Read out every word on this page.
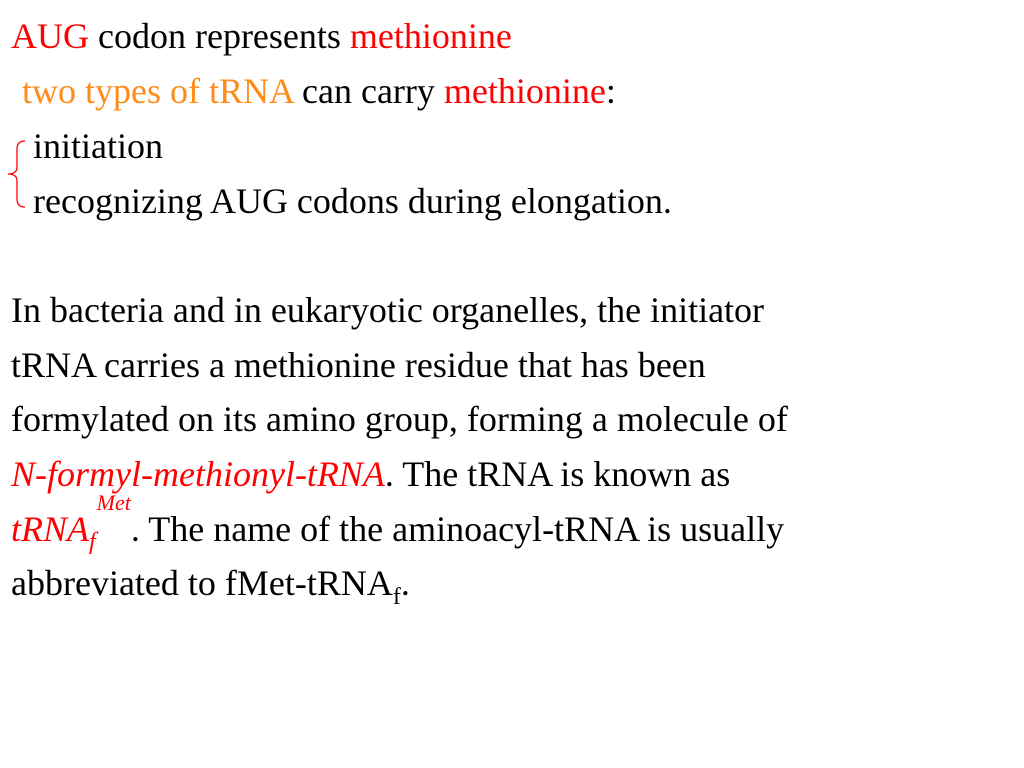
AUG codon represents methionine
two types of tRNA can carry methionine:
initiation
recognizing AUG codons during elongation.
In bacteria and in eukaryotic organelles, the initiator
tRNA carries a methionine residue that has been
formylated on its amino group, forming a molecule of
N-formyl-methionyl-tRNA. The tRNA is known as
tRNA$_f^{Met}$. The name of the aminoacyl-tRNA is usually
abbreviated to fMet-tRNA$_f$.
